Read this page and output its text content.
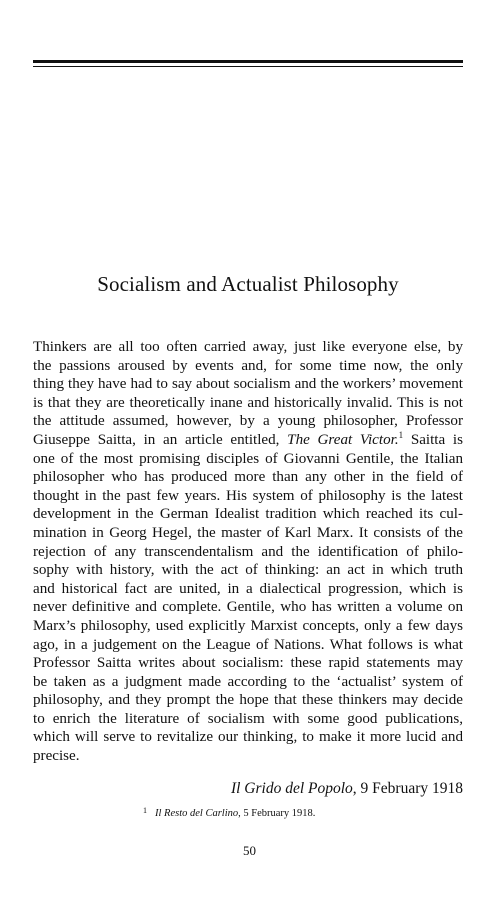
Socialism and Actualist Philosophy
Thinkers are all too often carried away, just like everyone else, by
the passions aroused by events and, for some time now, the only
thing they have had to say about socialism and the workers’ movement
is that they are theoretically inane and historically invalid. This is not
the attitude assumed, however, by a young philosopher, Professor
Giuseppe Saitta, in an article entitled, The Great Victor.$^1$ Saitta is
one of the most promising disciples of Giovanni Gentile, the Italian
philosopher who has produced more than any other in the field of
thought in the past few years. His system of philosophy is the latest
development in the German Idealist tradition which reached its cul-
mination in Georg Hegel, the master of Karl Marx. It consists of the
rejection of any transcendentalism and the identification of philo-
sophy with history, with the act of thinking: an act in which truth
and historical fact are united, in a dialectical progression, which is
never definitive and complete. Gentile, who has written a volume on
Marx’s philosophy, used explicitly Marxist concepts, only a few days
ago, in a judgement on the League of Nations. What follows is what
Professor Saitta writes about socialism: these rapid statements may
be taken as a judgment made according to the ‘actualist’ system of
philosophy, and they prompt the hope that these thinkers may decide
to enrich the literature of socialism with some good publications,
which will serve to revitalize our thinking, to make it more lucid and
precise.
Il Grido del Popolo, 9 February 1918
$^1$ Il Resto del Carlino, 5 February 1918.
50
